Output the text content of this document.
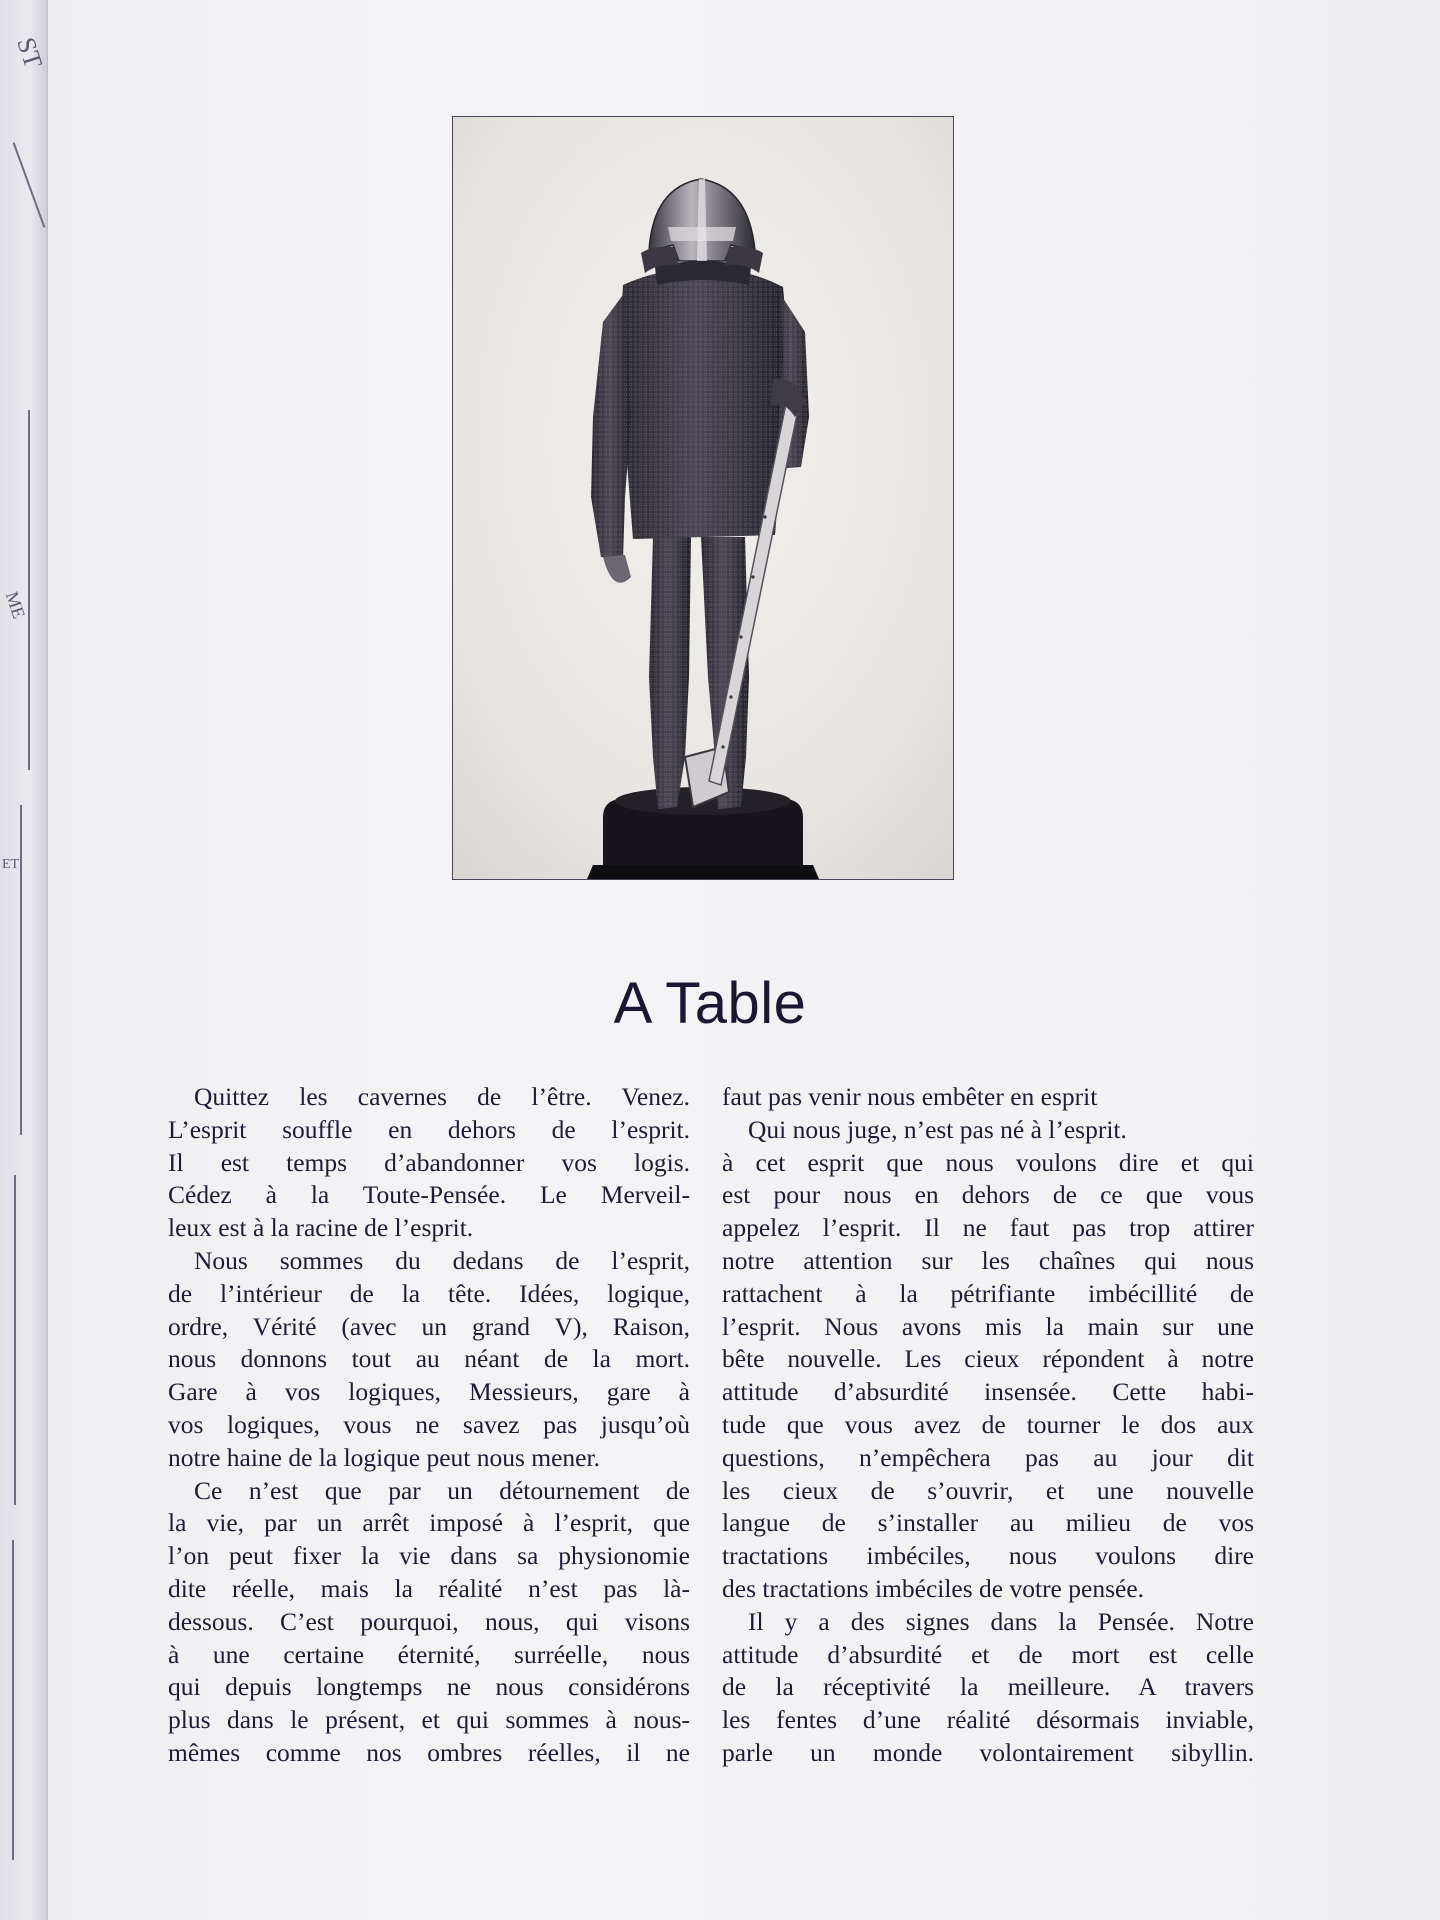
ST
ME
ET
A Table

Quittez les cavernes de l’être. Venez.
L’esprit souffle en dehors de l’esprit.
Il est temps d’abandonner vos logis.
Cédez à la Toute-Pensée. Le Merveil-
leux est à la racine de l’esprit.

Nous sommes du dedans de l’esprit,
de l’intérieur de la tête. Idées, logique,
ordre, Vérité (avec un grand V), Raison,
nous donnons tout au néant de la mort.
Gare à vos logiques, Messieurs, gare à
vos logiques, vous ne savez pas jusqu’où
notre haine de la logique peut nous mener.

Ce n’est que par un détournement de
la vie, par un arrêt imposé à l’esprit, que
l’on peut fixer la vie dans sa physionomie
dite réelle, mais la réalité n’est pas là-
dessous. C’est pourquoi, nous, qui visons
à une certaine éternité, surréelle, nous
qui depuis longtemps ne nous considérons
plus dans le présent, et qui sommes à nous-
mêmes comme nos ombres réelles, il ne

faut pas venir nous embêter en esprit

Qui nous juge, n’est pas né à l’esprit.
à cet esprit que nous voulons dire et qui
est pour nous en dehors de ce que vous
appelez l’esprit. Il ne faut pas trop attirer
notre attention sur les chaînes qui nous
rattachent à la pétrifiante imbécillité de
l’esprit. Nous avons mis la main sur une
bête nouvelle. Les cieux répondent à notre
attitude d’absurdité insensée. Cette habi-
tude que vous avez de tourner le dos aux
questions, n’empêchera pas au jour dit
les cieux de s’ouvrir, et une nouvelle
langue de s’installer au milieu de vos
tractations imbéciles, nous voulons dire
des tractations imbéciles de votre pensée.

Il y a des signes dans la Pensée. Notre
attitude d’absurdité et de mort est celle
de la réceptivité la meilleure. A travers
les fentes d’une réalité désormais inviable,
parle un monde volontairement sibyllin.
